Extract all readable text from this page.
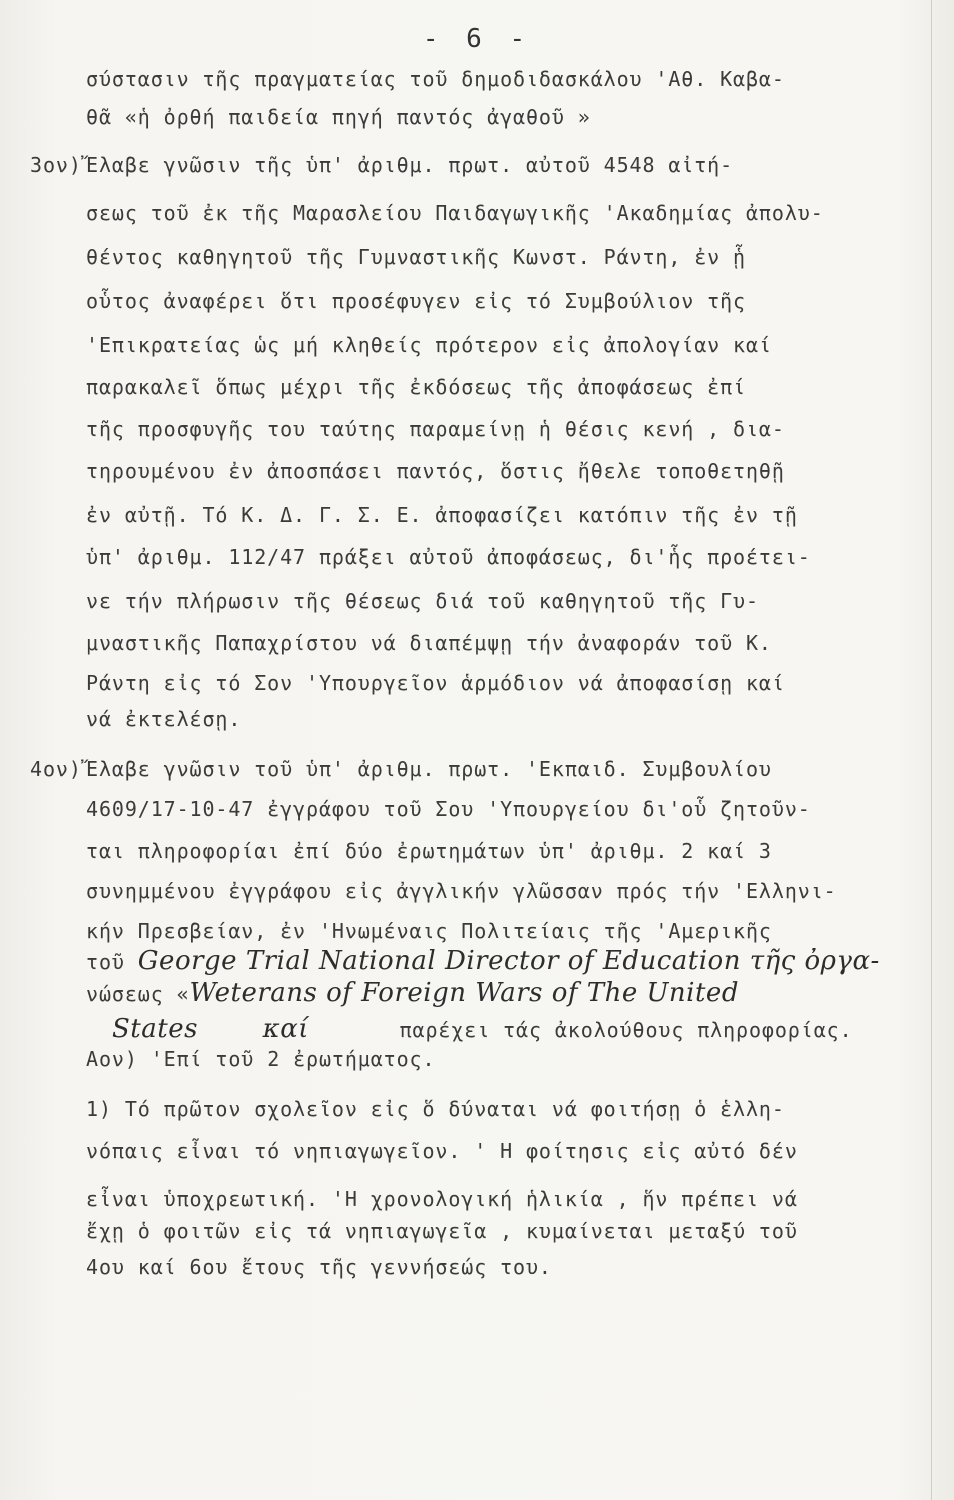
- 6 -
σύστασιν τῆς πραγματείας τοῦ δημοδιδασκάλου 'Αθ. Καβα-
θᾶ «ἡ ὀρθή παιδεία πηγή παντός ἀγαθοῦ »
3ον) Ἔλαβε γνῶσιν τῆς ὑπ' ἀριθμ. πρωτ. αὐτοῦ 4548 αἰτή-
σεως τοῦ ἐκ τῆς Μαρασλείου Παιδαγωγικῆς 'Ακαδημίας ἀπολυ-
θέντος καθηγητοῦ τῆς Γυμναστικῆς Κωνστ. Ράντη, ἐν ᾗ
οὗτος ἀναφέρει ὅτι προσέφυγεν εἰς τό Συμβούλιον τῆς
'Επικρατείας ὡς μή κληθείς πρότερον εἰς ἀπολογίαν καί
παρακαλεῖ ὅπως μέχρι τῆς ἐκδόσεως τῆς ἀποφάσεως ἐπί
τῆς προσφυγῆς του ταύτης παραμείνῃ ἡ θέσις κενή , δια-
τηρουμένου ἐν ἀποσπάσει παντός, ὅστις ἤθελε τοποθετηθῇ
ἐν αὐτῇ. Τό Κ. Δ. Γ. Σ. Ε. ἀποφασίζει κατόπιν τῆς ἐν τῇ
ὑπ' ἀριθμ. 112/47 πράξει αὐτοῦ ἀποφάσεως, δι'ἧς προέτει-
νε τήν πλήρωσιν τῆς θέσεως διά τοῦ καθηγητοῦ τῆς Γυ-
μναστικῆς Παπαχρίστου νά διαπέμψῃ τήν ἀναφοράν τοῦ Κ.
Ράντη εἰς τό Σον 'Υπουργεῖον ἁρμόδιον νά ἀποφασίσῃ καί
νά ἐκτελέσῃ.
4ον) Ἔλαβε γνῶσιν τοῦ ὑπ' ἀριθμ. πρωτ. 'Εκπαιδ. Συμβουλίου
4609/17-10-47 ἐγγράφου τοῦ Σου 'Υπουργείου δι'οὗ ζητοῦν-
ται πληροφορίαι ἐπί δύο ἐρωτημάτων ὑπ' ἀριθμ. 2 καί 3
συνημμένου ἐγγράφου εἰς ἀγγλικήν γλῶσσαν πρός τήν 'Ελληνι-
κήν Πρεσβείαν, ἐν 'Ηνωμέναις Πολιτείαις τῆς 'Αμερικῆς
τοῦ George Trial National Director of Education τῆς ὀργα-
νώσεως «Weterans of Foreign Wars of The United
States καί	παρέχει τάς ἀκολούθους πληροφορίας.
Αον) 'Επί τοῦ 2 ἐρωτήματος.
1) Τό πρῶτον σχολεῖον εἰς ὅ δύναται νά φοιτήσῃ ὁ ἑλλη-
νόπαις εἶναι τό νηπιαγωγεῖον. ' Η φοίτησις εἰς αὐτό δέν
εἶναι ὑποχρεωτική. 'Η χρονολογική ἡλικία , ἥν πρέπει νά
ἔχῃ ὁ φοιτῶν εἰς τά νηπιαγωγεῖα , κυμαίνεται μεταξύ τοῦ
4ου καί 6ου ἔτους τῆς γεννήσεώς του.
